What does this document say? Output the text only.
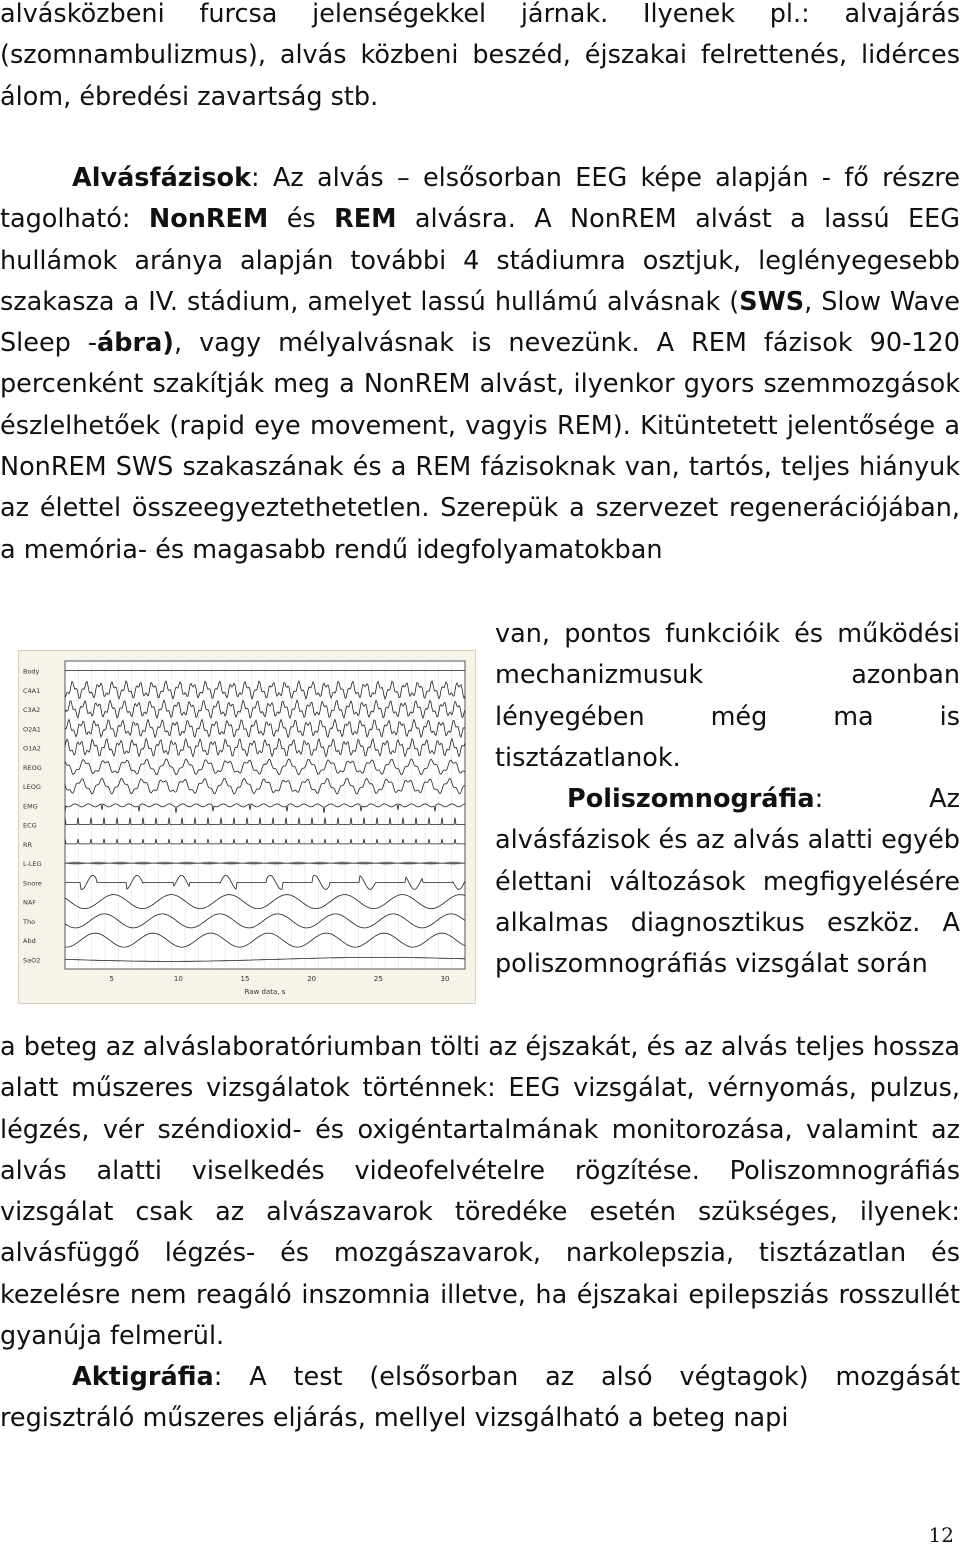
alvásközbeni furcsa jelenségekkel járnak. Ilyenek pl.: alvajárás (szomnambulizmus), alvás közbeni beszéd, éjszakai felrettenés, lidérces álom, ébredési zavartság stb.

Alvásfázisok: Az alvás – elsősorban EEG képe alapján - fő részre tagolható: NonREM és REM alvásra. A NonREM alvást a lassú EEG hullámok aránya alapján további 4 stádiumra osztjuk, leglényegesebb szakasza a IV. stádium, amelyet lassú hullámú alvásnak (SWS, Slow Wave Sleep -ábra), vagy mélyalvásnak is nevezünk. A REM fázisok 90-120 percenként szakítják meg a NonREM alvást, ilyenkor gyors szemmozgások észlelhetőek (rapid eye movement, vagyis REM). Kitüntetett jelentősége a NonREM SWS szakaszának és a REM fázisoknak van, tartós, teljes hiányuk az élettel összeegyeztethetetlen. Szerepük a szervezet regenerációjában, a memória- és magasabb rendű idegfolyamatokban

Body
C4A1
C3A2
O2A1
O1A2
REOG
LEOG
EMG
ECG
RR
L-LEG
Snore
NAF
Tho
Abd
SaO2
5	10	15	20	25	30
Raw data, s

van, pontos funkcióik és működési mechanizmusuk azonban lényegében még ma is tisztázatlanok.

Poliszomnográfia: Az alvásfázisok és az alvás alatti egyéb élettani változások megfigyelésére alkalmas diagnosztikus eszköz. A poliszomnográfiás vizsgálat során

a beteg az alváslaboratóriumban tölti az éjszakát, és az alvás teljes hossza alatt műszeres vizsgálatok történnek: EEG vizsgálat, vérnyomás, pulzus, légzés, vér széndioxid- és oxigéntartalmának monitorozása, valamint az alvás alatti viselkedés videofelvételre rögzítése. Poliszomnográfiás vizsgálat csak az alvászavarok töredéke esetén szükséges, ilyenek: alvásfüggő légzés- és mozgászavarok, narkolepszia, tisztázatlan és kezelésre nem reagáló inszomnia illetve, ha éjszakai epilepsziás rosszullét gyanúja felmerül.

Aktigráfia: A test (elsősorban az alsó végtagok) mozgását regisztráló műszeres eljárás, mellyel vizsgálható a beteg napi

12
